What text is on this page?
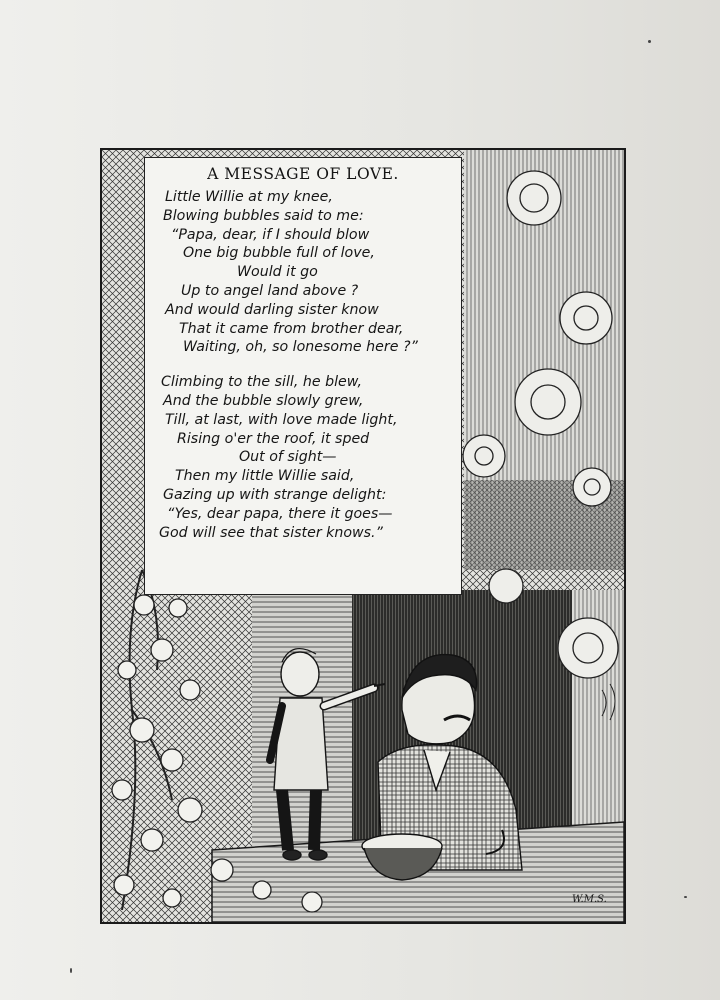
W.M.S.
A MESSAGE OF LOVE.
Little Willie at my knee,
Blowing bubbles said to me:
“Papa, dear, if I should blow
One big bubble full of love,
Would it go
Up to angel land above ?
And would darling sister know
That it came from brother dear,
Waiting, oh, so lonesome here ?”
Climbing to the sill, he blew,
And the bubble slowly grew,
Till, at last, with love made light,
Rising o'er the roof, it sped
Out of sight—
Then my little Willie said,
Gazing up with strange delight:
“Yes, dear papa, there it goes—
God will see that sister knows.”
